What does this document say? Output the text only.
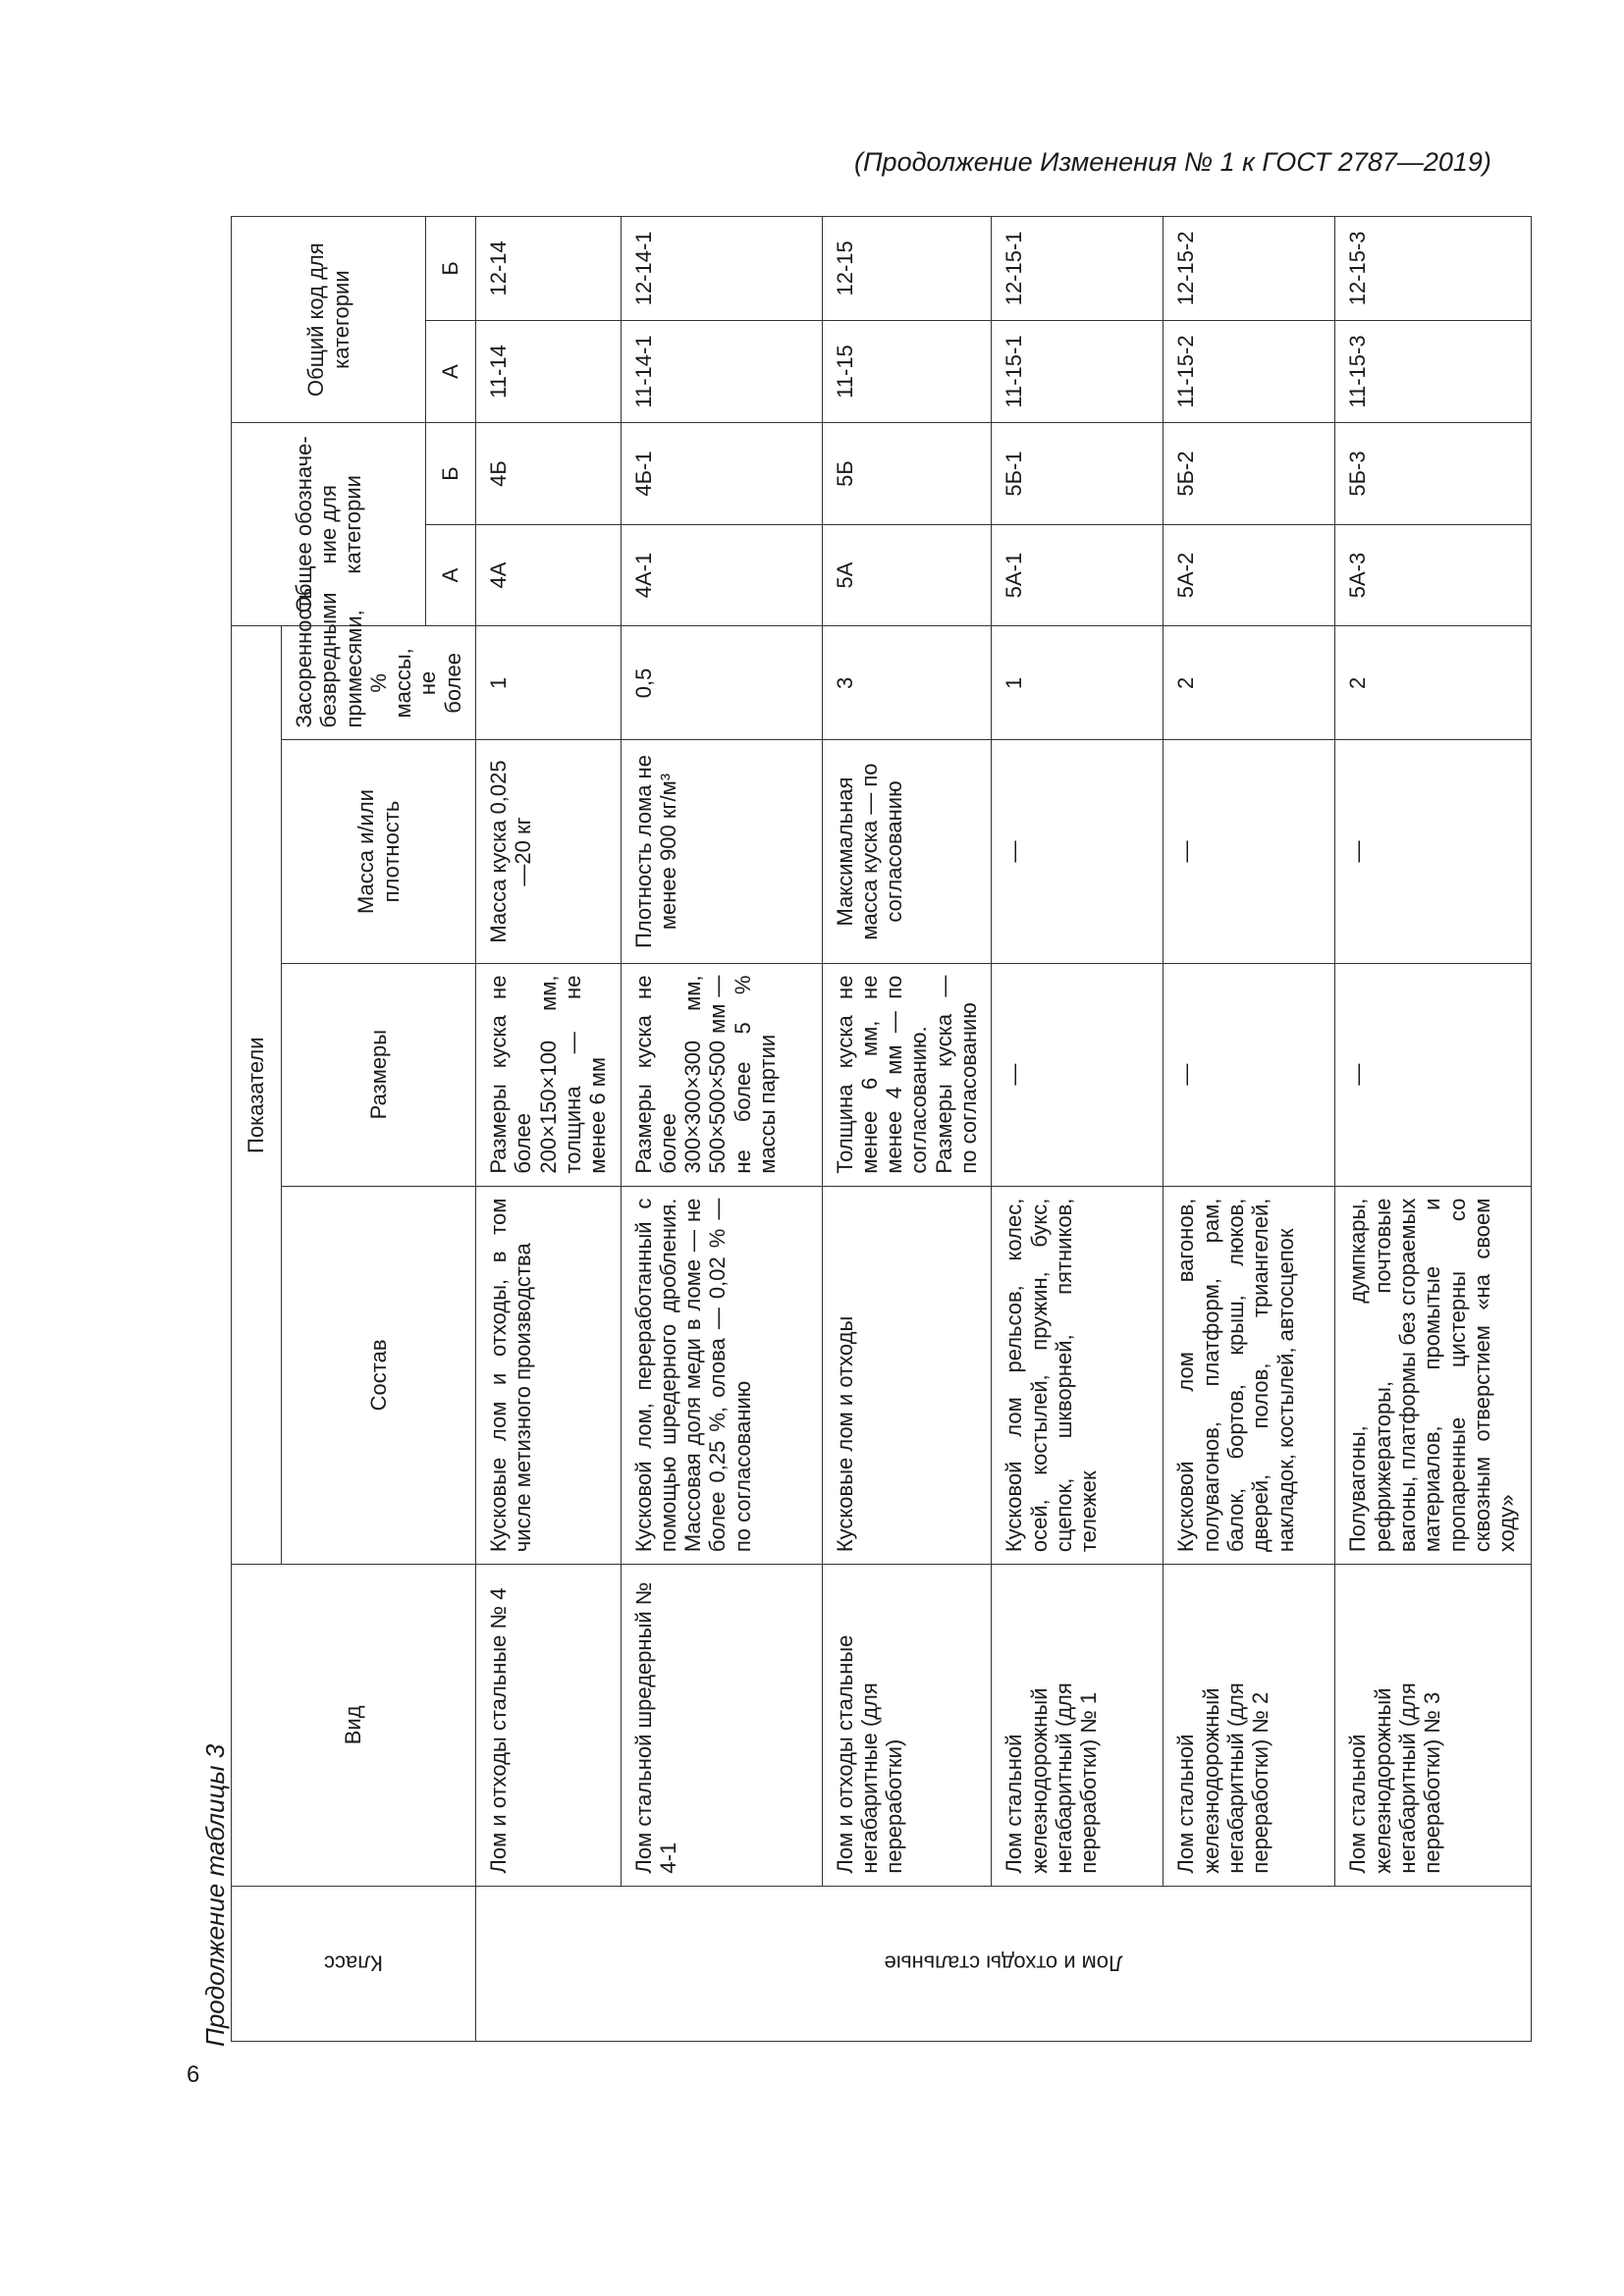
(Продолжение Изменения № 1 к ГОСТ 2787—2019)
6
Продолжение таблицы 3	Класс	Вид	Показатели				Общее обозначе-ние для категории		Общий код для категории	
		Состав	Размеры	Масса и/или плотность	Засоренность безвредными примесями, % массы, не более				
						А	Б	А	Б

Лом и отходы стальные	Лом и отходы стальные № 4	Кусковые лом и отходы, в том числе метизного производства	Размеры куска не более 200×150×100 мм, толщина — не менее 6 мм	Масса куска 0,025—20 кг	1	4А	4Б	11-14	12-14
	Лом стальной шредерный № 4-1	Кусковой лом, переработанный с помощью шредерного дробления. Массовая доля меди в ломе — не более 0,25 %, олова — 0,02 % — по согласованию	Размеры куска не более 300×300×300 мм, 500×500×500 мм — не более 5 % массы партии	Плотность лома не менее 900 кг/м³	0,5	4А-1	4Б-1	11-14-1	12-14-1
	Лом и отходы стальные негабаритные (для переработки)	Кусковые лом и отходы	Толщина куска не менее 6 мм, не менее 4 мм — по согласованию. Размеры куска — по согласованию	Максимальная масса куска — по согласованию	3	5А	5Б	11-15	12-15
	Лом стальной железнодорожный негабаритный (для переработки) № 1	Кусковой лом рельсов, колес, осей, костылей, пружин, букс, сцепок, шкворней, пятников, тележек	—	—	1	5А-1	5Б-1	11-15-1	12-15-1
	Лом стальной железнодорожный негабаритный (для переработки) № 2	Кусковой лом вагонов, полувагонов, платформ, рам, балок, бортов, крыш, люков, дверей, полов, триангелей, накладок, костылей, автосцепок	—	—	2	5А-2	5Б-2	11-15-2	12-15-2
	Лом стальной железнодорожный негабаритный (для переработки) № 3	Полувагоны, думпкары, рефрижераторы, почтовые вагоны, платформы без сгораемых материалов, промытые и пропаренные цистерны со сквозным отверстием «на своем ходу»	—	—	2	5А-3	5Б-3	11-15-3	12-15-3
